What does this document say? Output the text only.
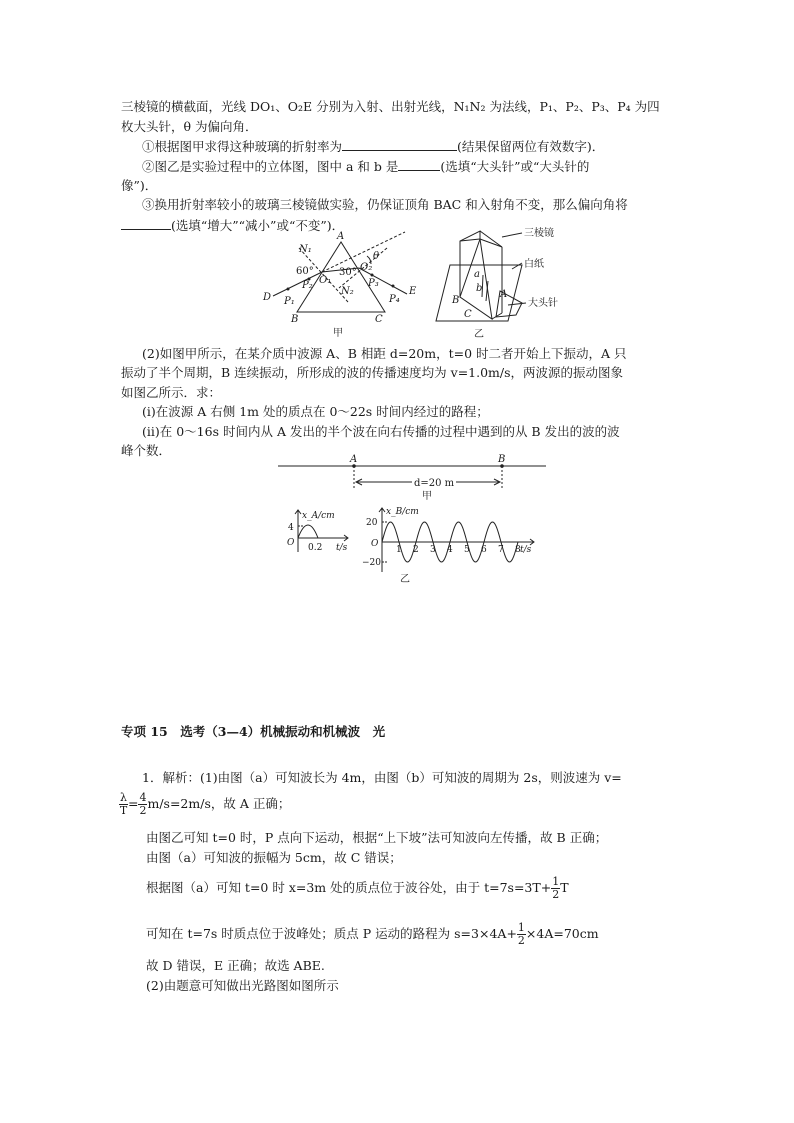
三棱镜的横截面，光线 DO₁、O₂E 分别为入射、出射光线，N₁N₂ 为法线，P₁、P₂、P₃、P₄ 为四
枚大头针，θ 为偏向角．
①根据图甲求得这种玻璃的折射率为	(结果保留两位有效数字)．
②图乙是实验过程中的立体图，图中 a 和 b 是	(选填“大头针”或“大头针的
像”)．
③换用折射率较小的玻璃三棱镜做实验，仍保证顶角 BAC 和入射角不变，那么偏向角将
(选填“增大”“减小”或“不变”)．
A
N₁
θ
60°	30° O₂
P₂ O₁	P₃
N₂
D P₁	P₄
E
B	C
甲
三棱镜
白纸
a
b
A
B
C
大头针
乙
(2)如图甲所示，在某介质中波源 A、B 相距 d=20m，t=0 时二者开始上下振动，A 只
振动了半个周期，B 连续振动，所形成的波的传播速度均为 v=1.0m/s，两波源的振动图象
如图乙所示．求：
(ⅰ)在波源 A 右侧 1m 处的质点在 0～22s 时间内经过的路程；
(ⅱ)在 0～16s 时间内从 A 发出的半个波在向右传播的过程中遇到的从 B 发出的波的波
峰个数．
A	B
d=20 m
甲
x_A/cm
4
O 0.2 t/s
x_B/cm
20
−20
O
t/s
乙
1 2 3 4 5 6 7 8
专项 15　选考（3—4）机械振动和机械波　光
1．解析：(1)由图（a）可知波长为 4m，由图（b）可知波的周期为 2s，则波速为 v=
$\frac{\lambda}{T} = \frac{4}{2} m/s=2m/s$，故 A 正确；
由图乙可知 t=0 时，P 点向下运动，根据“上下坡”法可知波向左传播，故 B 正确；
由图（a）可知波的振幅为 5cm，故 C 错误；
根据图（a）可知 t=0 时 x=3m 处的质点位于波谷处，由于 $t=7s=3T+ \frac{1}{2}$ T
可知在 t=7s 时质点位于波峰处；质点 P 运动的路程为 $s=3\times 4A+ \frac{1}{2} \times 4A=70cm$
故 D 错误，E 正确；故选 ABE.
(2)由题意可知做出光路图如图所示
